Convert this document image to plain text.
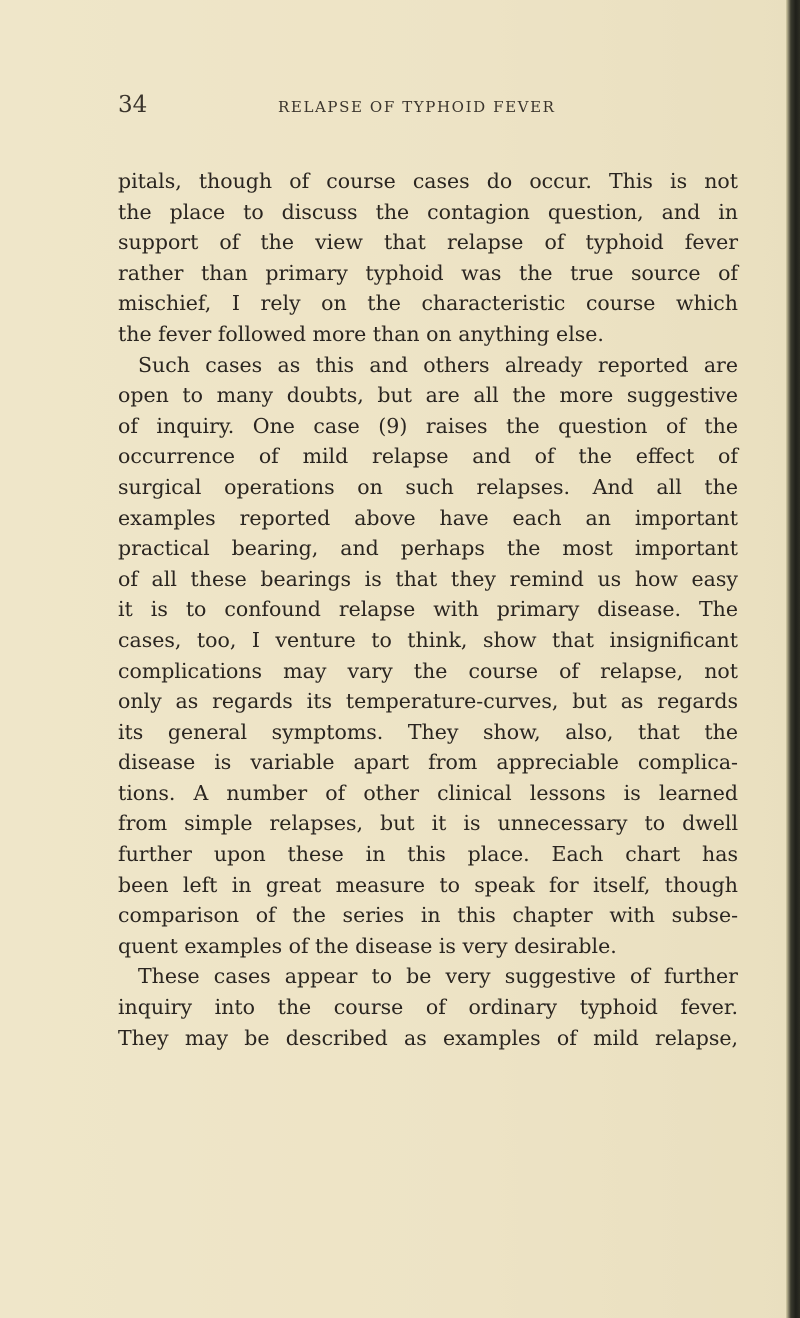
34	RELAPSE OF TYPHOID FEVER
pitals, though of course cases do occur. This is not
the place to discuss the contagion question, and in
support of the view that relapse of typhoid fever
rather than primary typhoid was the true source of
mischief, I rely on the characteristic course which
the fever followed more than on anything else.
Such cases as this and others already reported are
open to many doubts, but are all the more suggestive
of inquiry. One case (9) raises the question of the
occurrence of mild relapse and of the effect of
surgical operations on such relapses. And all the
examples reported above have each an important
practical bearing, and perhaps the most important
of all these bearings is that they remind us how easy
it is to confound relapse with primary disease. The
cases, too, I venture to think, show that insignificant
complications may vary the course of relapse, not
only as regards its temperature-curves, but as regards
its general symptoms. They show, also, that the
disease is variable apart from appreciable complica-
tions. A number of other clinical lessons is learned
from simple relapses, but it is unnecessary to dwell
further upon these in this place. Each chart has
been left in great measure to speak for itself, though
comparison of the series in this chapter with subse-
quent examples of the disease is very desirable.
These cases appear to be very suggestive of further
inquiry into the course of ordinary typhoid fever.
They may be described as examples of mild relapse,
